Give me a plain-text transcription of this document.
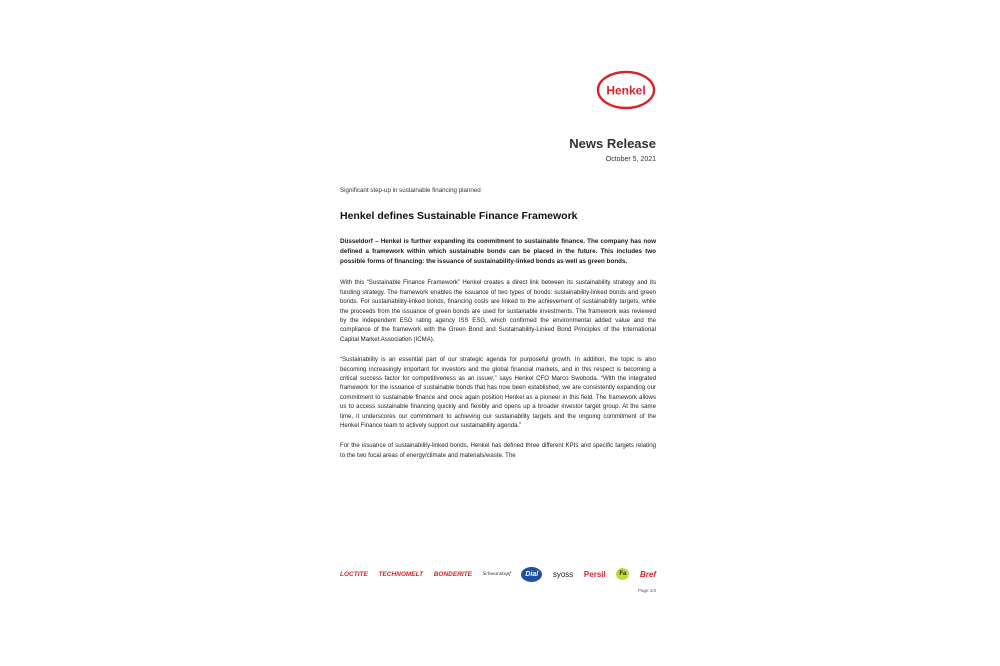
Henkel
News Release
October 5, 2021

Significant step-up in sustainable financing planned

Henkel defines Sustainable Finance Framework

Düsseldorf – Henkel is further expanding its commitment to sustainable finance. The company has now defined a framework within which sustainable bonds can be placed in the future. This includes two possible forms of financing: the issuance of sustainability-linked bonds as well as green bonds.

With this “Sustainable Finance Framework” Henkel creates a direct link between its sustainability strategy and its funding strategy. The framework enables the issuance of two types of bonds: sustainability-linked bonds and green bonds. For sustainability-linked bonds, financing costs are linked to the achievement of sustainability targets, while the proceeds from the issuance of green bonds are used for sustainable investments. The framework was reviewed by the independent ESG rating agency ISS ESG, which confirmed the environmental added value and the compliance of the framework with the Green Bond and Sustainability-Linked Bond Principles of the International Capital Market Association (ICMA).

“Sustainability is an essential part of our strategic agenda for purposeful growth. In addition, the topic is also becoming increasingly important for investors and the global financial markets, and in this respect is becoming a critical success factor for competitiveness as an issuer,” says Henkel CFO Marco Swoboda. “With the integrated framework for the issuance of sustainable bonds that has now been established, we are consistently expanding our commitment to sustainable finance and once again position Henkel as a pioneer in this field. The framework allows us to access sustainable financing quickly and flexibly and opens up a broader investor target group. At the same time, it underscores our commitment to achieving our sustainability targets and the ongoing commitment of the Henkel Finance team to actively support our sustainability agenda.”

For the issuance of sustainability-linked bonds, Henkel has defined three different KPIs and specific targets relating to the two focal areas of energy/climate and materials/waste. The

LOCTITE TECHNOMELT BONDERITE Schwarzkopf	Dial	syoss Persil	Fa	Bref
Page 1/3
